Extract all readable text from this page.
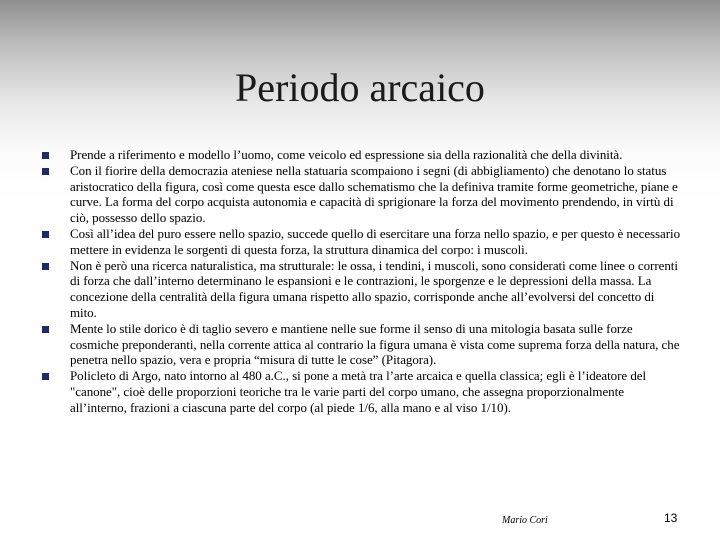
Periodo arcaico
Prende a riferimento e modello l’uomo, come veicolo ed espressione sia della razionalità che della divinità.
Con il fiorire della democrazia ateniese nella statuaria scompaiono i segni (di abbigliamento) che denotano lo status aristocratico della figura, così come questa esce dallo schematismo che la definiva tramite forme geometriche, piane e curve. La forma del corpo acquista autonomia e capacità di sprigionare la forza del movimento prendendo, in virtù di ciò, possesso dello spazio.
Così all’idea del puro essere nello spazio, succede quello di esercitare una forza nello spazio, e per questo è necessario mettere in evidenza le sorgenti di questa forza, la struttura dinamica del corpo: i muscoli.
Non è però una ricerca naturalistica, ma strutturale: le ossa, i tendini, i muscoli, sono considerati come linee o correnti di forza che dall’interno determinano le espansioni e le contrazioni, le sporgenze e le depressioni della massa. La concezione della centralità della figura umana rispetto allo spazio, corrisponde anche all’evolversi del concetto di mito.
Mente lo stile dorico è di taglio severo e mantiene nelle sue forme il senso di una mitologia basata sulle forze cosmiche preponderanti, nella corrente attica al contrario la figura umana è vista come suprema forza della natura, che penetra nello spazio, vera e propria “misura di tutte le cose” (Pitagora).
Policleto di Argo, nato intorno al 480 a.C., si pone a metà tra l’arte arcaica e quella classica; egli è l’ideatore del "canone", cioè delle proporzioni teoriche tra le varie parti del corpo umano, che assegna proporzionalmente all’interno, frazioni a ciascuna parte del corpo (al piede 1/6, alla mano e al viso 1/10).
Mario Cori	13
